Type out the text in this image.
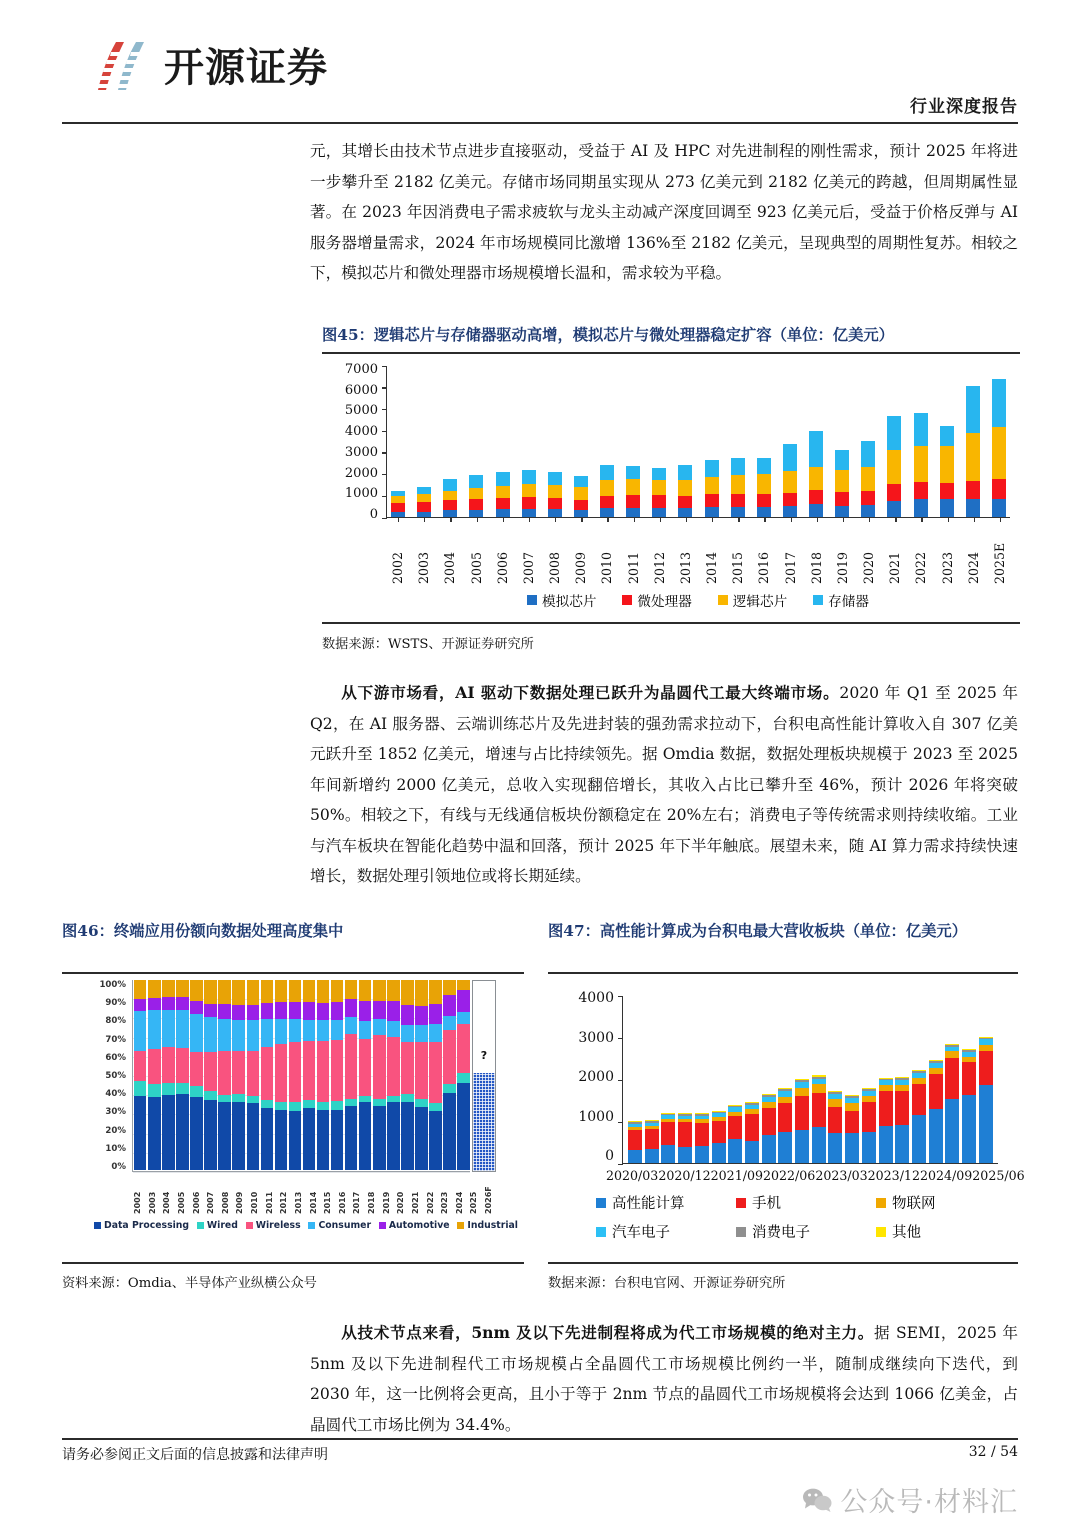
开源证券
行业深度报告
元，其增长由技术节点进步直接驱动，受益于 AI 及 HPC 对先进制程的刚性需求，预计 2025 年将进一步攀升至 2182 亿美元。存储市场同期虽实现从 273 亿美元到 2182 亿美元的跨越，但周期属性显著。在 2023 年因消费电子需求疲软与龙头主动减产深度回调至 923 亿美元后，受益于价格反弹与 AI 服务器增量需求，2024 年市场规模同比激增 136%至 2182 亿美元，呈现典型的周期性复苏。相较之下，模拟芯片和微处理器市场规模增长温和，需求较为平稳。
图45：逻辑芯片与存储器驱动高增，模拟芯片与微处理器稳定扩容（单位：亿美元）
7000
6000
5000
4000
3000
2000
1000
0
2002 2003 2004 2005 2006 2007 2008 2009 2010 2011 2012 2013 2014 2015 2016 2017 2018 2019 2020 2021 2022 2023 2024 2025E
模拟芯片	微处理器	逻辑芯片	存储器
数据来源：WSTS、开源证券研究所
从下游市场看，AI 驱动下数据处理已跃升为晶圆代工最大终端市场。2020 年 Q1 至 2025 年 Q2，在 AI 服务器、云端训练芯片及先进封装的强劲需求拉动下，台积电高性能计算收入自 307 亿美元跃升至 1852 亿美元，增速与占比持续领先。据 Omdia 数据，数据处理板块规模于 2023 至 2025 年间新增约 2000 亿美元，总收入实现翻倍增长，其收入占比已攀升至 46%，预计 2026 年将突破 50%。相较之下，有线与无线通信板块份额稳定在 20%左右；消费电子等传统需求则持续收缩。工业与汽车板块在智能化趋势中温和回落，预计 2025 年下半年触底。展望未来，随 AI 算力需求持续快速增长，数据处理引领地位或将长期延续。
图46：终端应用份额向数据处理高度集中
100%
90%
80%
70%
60%
50%
40%
30%
20%
10%
0%
?
2002 2003 2004 2005 2006 2007 2008 2009 2010 2011 2012 2013 2014 2015 2016 2017 2018 2019 2020 2021 2022 2023 2024 2025 2026F
Data Processing Wired Wireless Consumer Automotive Industrial
资料来源：Omdia、半导体产业纵横公众号
图47：高性能计算成为台积电最大营收板块（单位：亿美元）
4000
3000
2000
1000
0
2020/03 2020/12 2021/09 2022/06 2023/03 2023/12 2024/09 2025/06
高性能计算	手机	物联网
汽车电子	消费电子	其他
数据来源：台积电官网、开源证券研究所
从技术节点来看，5nm 及以下先进制程将成为代工市场规模的绝对主力。据 SEMI，2025 年 5nm 及以下先进制程代工市场规模占全晶圆代工市场规模比例约一半，随制成继续向下迭代，到 2030 年，这一比例将会更高，且小于等于 2nm 节点的晶圆代工市场规模将会达到 1066 亿美金，占晶圆代工市场比例为 34.4%。
请务必参阅正文后面的信息披露和法律声明	32 / 54
公众号·材料汇
